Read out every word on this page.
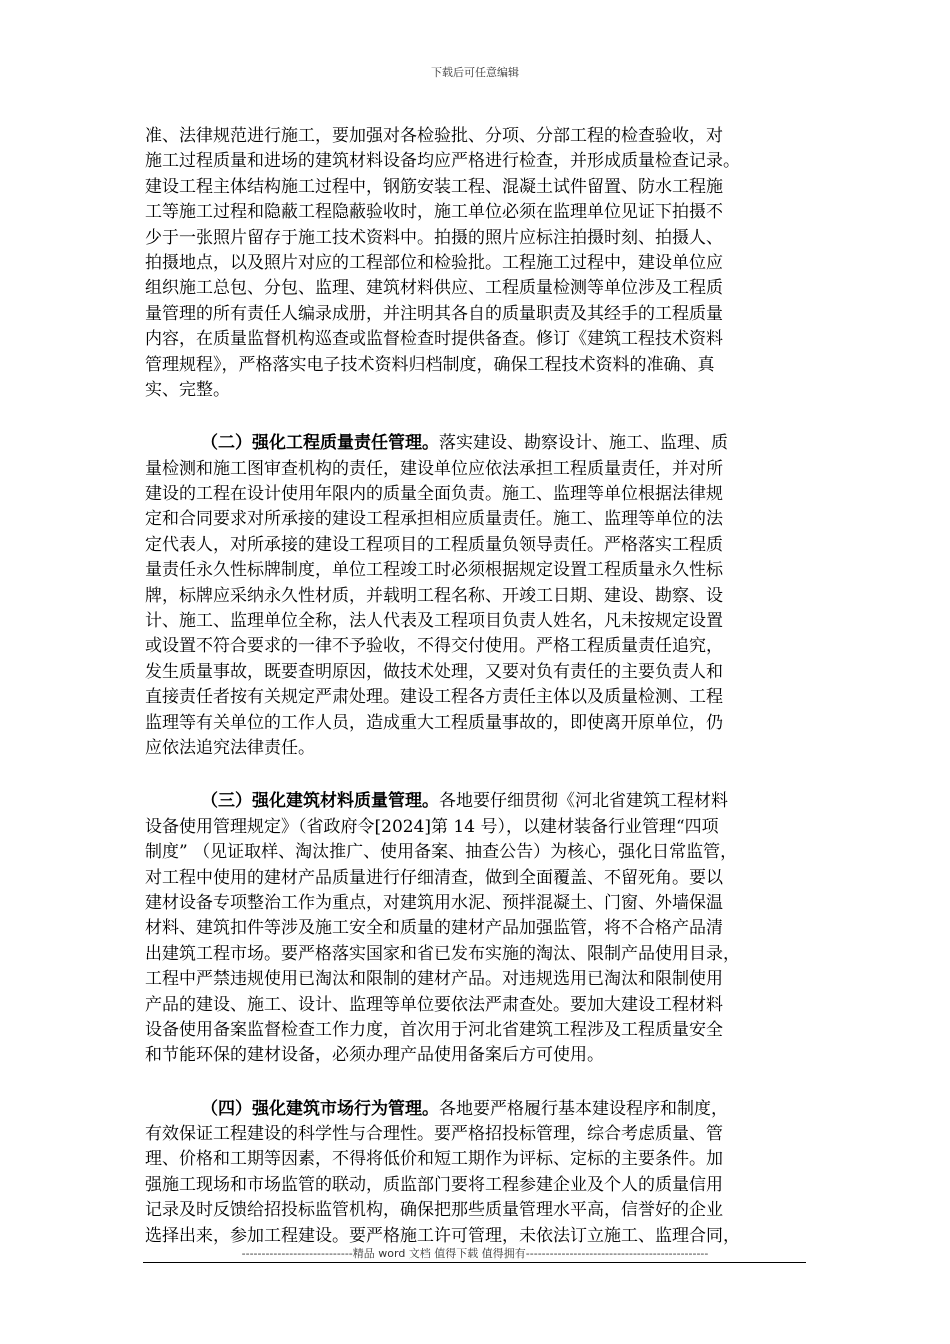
下载后可任意编辑
准、法律规范进行施工，要加强对各检验批、分项、分部工程的检查验收，对
施工过程质量和进场的建筑材料设备均应严格进行检查，并形成质量检查记录。
建设工程主体结构施工过程中，钢筋安装工程、混凝土试件留置、防水工程施
工等施工过程和隐蔽工程隐蔽验收时，施工单位必须在监理单位见证下拍摄不
少于一张照片留存于施工技术资料中。拍摄的照片应标注拍摄时刻、拍摄人、
拍摄地点，以及照片对应的工程部位和检验批。工程施工过程中，建设单位应
组织施工总包、分包、监理、建筑材料供应、工程质量检测等单位涉及工程质
量管理的所有责任人编录成册，并注明其各自的质量职责及其经手的工程质量
内容，在质量监督机构巡查或监督检查时提供备查。修订《建筑工程技术资料
管理规程》，严格落实电子技术资料归档制度，确保工程技术资料的准确、真
实、完整。
（二）强化工程质量责任管理。落实建设、勘察设计、施工、监理、质
量检测和施工图审查机构的责任，建设单位应依法承担工程质量责任，并对所
建设的工程在设计使用年限内的质量全面负责。施工、监理等单位根据法律规
定和合同要求对所承接的建设工程承担相应质量责任。施工、监理等单位的法
定代表人，对所承接的建设工程项目的工程质量负领导责任。严格落实工程质
量责任永久性标牌制度，单位工程竣工时必须根据规定设置工程质量永久性标
牌，标牌应采纳永久性材质，并载明工程名称、开竣工日期、建设、勘察、设
计、施工、监理单位全称，法人代表及工程项目负责人姓名，凡未按规定设置
或设置不符合要求的一律不予验收，不得交付使用。严格工程质量责任追究，
发生质量事故，既要查明原因，做技术处理，又要对负有责任的主要负责人和
直接责任者按有关规定严肃处理。建设工程各方责任主体以及质量检测、工程
监理等有关单位的工作人员，造成重大工程质量事故的，即使离开原单位，仍
应依法追究法律责任。
（三）强化建筑材料质量管理。各地要仔细贯彻《河北省建筑工程材料
设备使用管理规定》（省政府令[2024]第 14 号），以建材装备行业管理“四项
制度” （见证取样、淘汰推广、使用备案、抽查公告）为核心，强化日常监管，
对工程中使用的建材产品质量进行仔细清查，做到全面覆盖、不留死角。要以
建材设备专项整治工作为重点，对建筑用水泥、预拌混凝土、门窗、外墙保温
材料、建筑扣件等涉及施工安全和质量的建材产品加强监管，将不合格产品清
出建筑工程市场。要严格落实国家和省已发布实施的淘汰、限制产品使用目录，
工程中严禁违规使用已淘汰和限制的建材产品。对违规选用已淘汰和限制使用
产品的建设、施工、设计、监理等单位要依法严肃查处。要加大建设工程材料
设备使用备案监督检查工作力度，首次用于河北省建筑工程涉及工程质量安全
和节能环保的建材设备，必须办理产品使用备案后方可使用。
（四）强化建筑市场行为管理。各地要严格履行基本建设程序和制度，
有效保证工程建设的科学性与合理性。要严格招投标管理，综合考虑质量、管
理、价格和工期等因素，不得将低价和短工期作为评标、定标的主要条件。加
强施工现场和市场监管的联动，质监部门要将工程参建企业及个人的质量信用
记录及时反馈给招投标监管机构，确保把那些质量管理水平高，信誉好的企业
选择出来，参加工程建设。要严格施工许可管理，未依法订立施工、监理合同，
----------------------------精品 word 文档 值得下载 值得拥有----------------------------------------------
